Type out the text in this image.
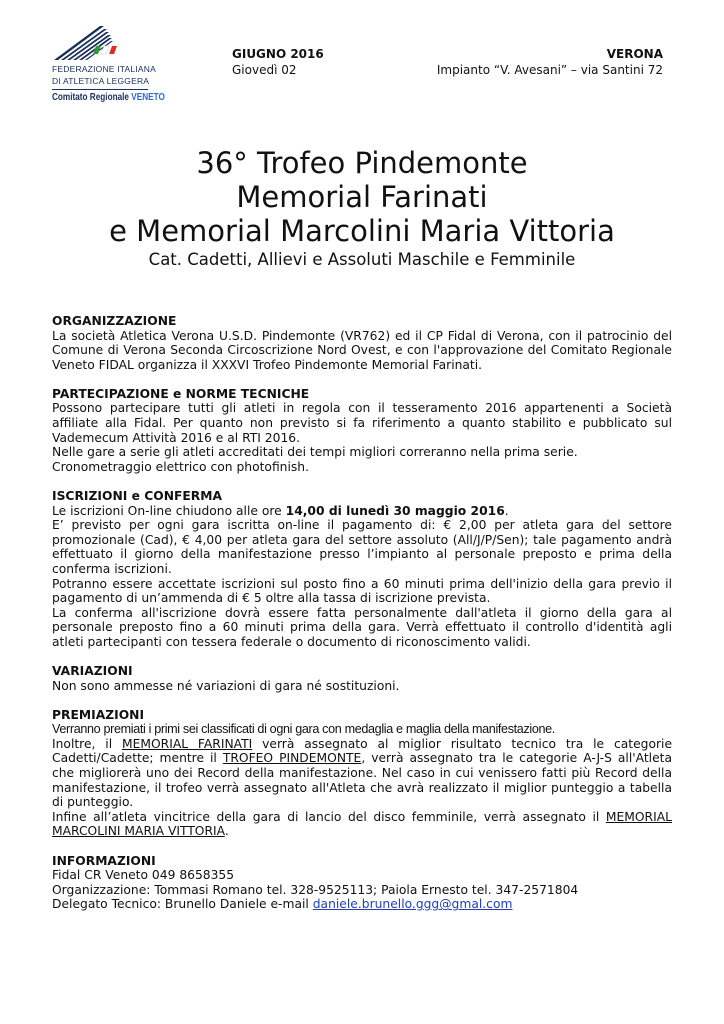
FEDERAZIONE ITALIANA
DI ATLETICA LEGGERA
Comitato Regionale VENETO
GIUGNO 2016
Giovedì 02
VERONA
Impianto “V. Avesani” – via Santini 72
36° Trofeo Pindemonte
Memorial Farinati
e Memorial Marcolini Maria Vittoria
Cat. Cadetti, Allievi e Assoluti Maschile e Femminile
ORGANIZZAZIONE

La società Atletica Verona U.S.D. Pindemonte (VR762) ed il CP Fidal di Verona, con il patrocinio del Comune di Verona Seconda Circoscrizione Nord Ovest, e con l'approvazione del Comitato Regionale Veneto FIDAL organizza il XXXVI Trofeo Pindemonte Memorial Farinati.

PARTECIPAZIONE e NORME TECNICHE

Possono partecipare tutti gli atleti in regola con il tesseramento 2016 appartenenti a Società affiliate alla Fidal. Per quanto non previsto si fa riferimento a quanto stabilito e pubblicato sul Vademecum Attività 2016 e al RTI 2016.

Nelle gare a serie gli atleti accreditati dei tempi migliori correranno nella prima serie.

Cronometraggio elettrico con photofinish.

ISCRIZIONI e CONFERMA

Le iscrizioni On-line chiudono alle ore 14,00 di lunedì 30 maggio 2016.

E’ previsto per ogni gara iscritta on-line il pagamento di: € 2,00 per atleta gara del settore promozionale (Cad), € 4,00 per atleta gara del settore assoluto (All/J/P/Sen); tale pagamento andrà effettuato il giorno della manifestazione presso l’impianto al personale preposto e prima della conferma iscrizioni.

Potranno essere accettate iscrizioni sul posto fino a 60 minuti prima dell'inizio della gara previo il pagamento di un’ammenda di € 5 oltre alla tassa di iscrizione prevista.

La conferma all'iscrizione dovrà essere fatta personalmente dall'atleta il giorno della gara al personale preposto fino a 60 minuti prima della gara. Verrà effettuato il controllo d'identità agli atleti partecipanti con tessera federale o documento di riconoscimento validi.

VARIAZIONI

Non sono ammesse né variazioni di gara né sostituzioni.

PREMIAZIONI

Verranno premiati i primi sei classificati di ogni gara con medaglia e maglia della manifestazione.

Inoltre, il MEMORIAL FARINATI verrà assegnato al miglior risultato tecnico tra le categorie Cadetti/Cadette; mentre il TROFEO PINDEMONTE, verrà assegnato tra le categorie A-J-S all'Atleta che migliorerà uno dei Record della manifestazione. Nel caso in cui venissero fatti più Record della manifestazione, il trofeo verrà assegnato all'Atleta che avrà realizzato il miglior punteggio a tabella di punteggio.

Infine all’atleta vincitrice della gara di lancio del disco femminile, verrà assegnato il MEMORIAL MARCOLINI MARIA VITTORIA.

INFORMAZIONI

Fidal CR Veneto 049 8658355

Organizzazione: Tommasi Romano tel. 328-9525113; Paiola Ernesto tel. 347-2571804

Delegato Tecnico: Brunello Daniele e-mail daniele.brunello.ggg@gmal.com
